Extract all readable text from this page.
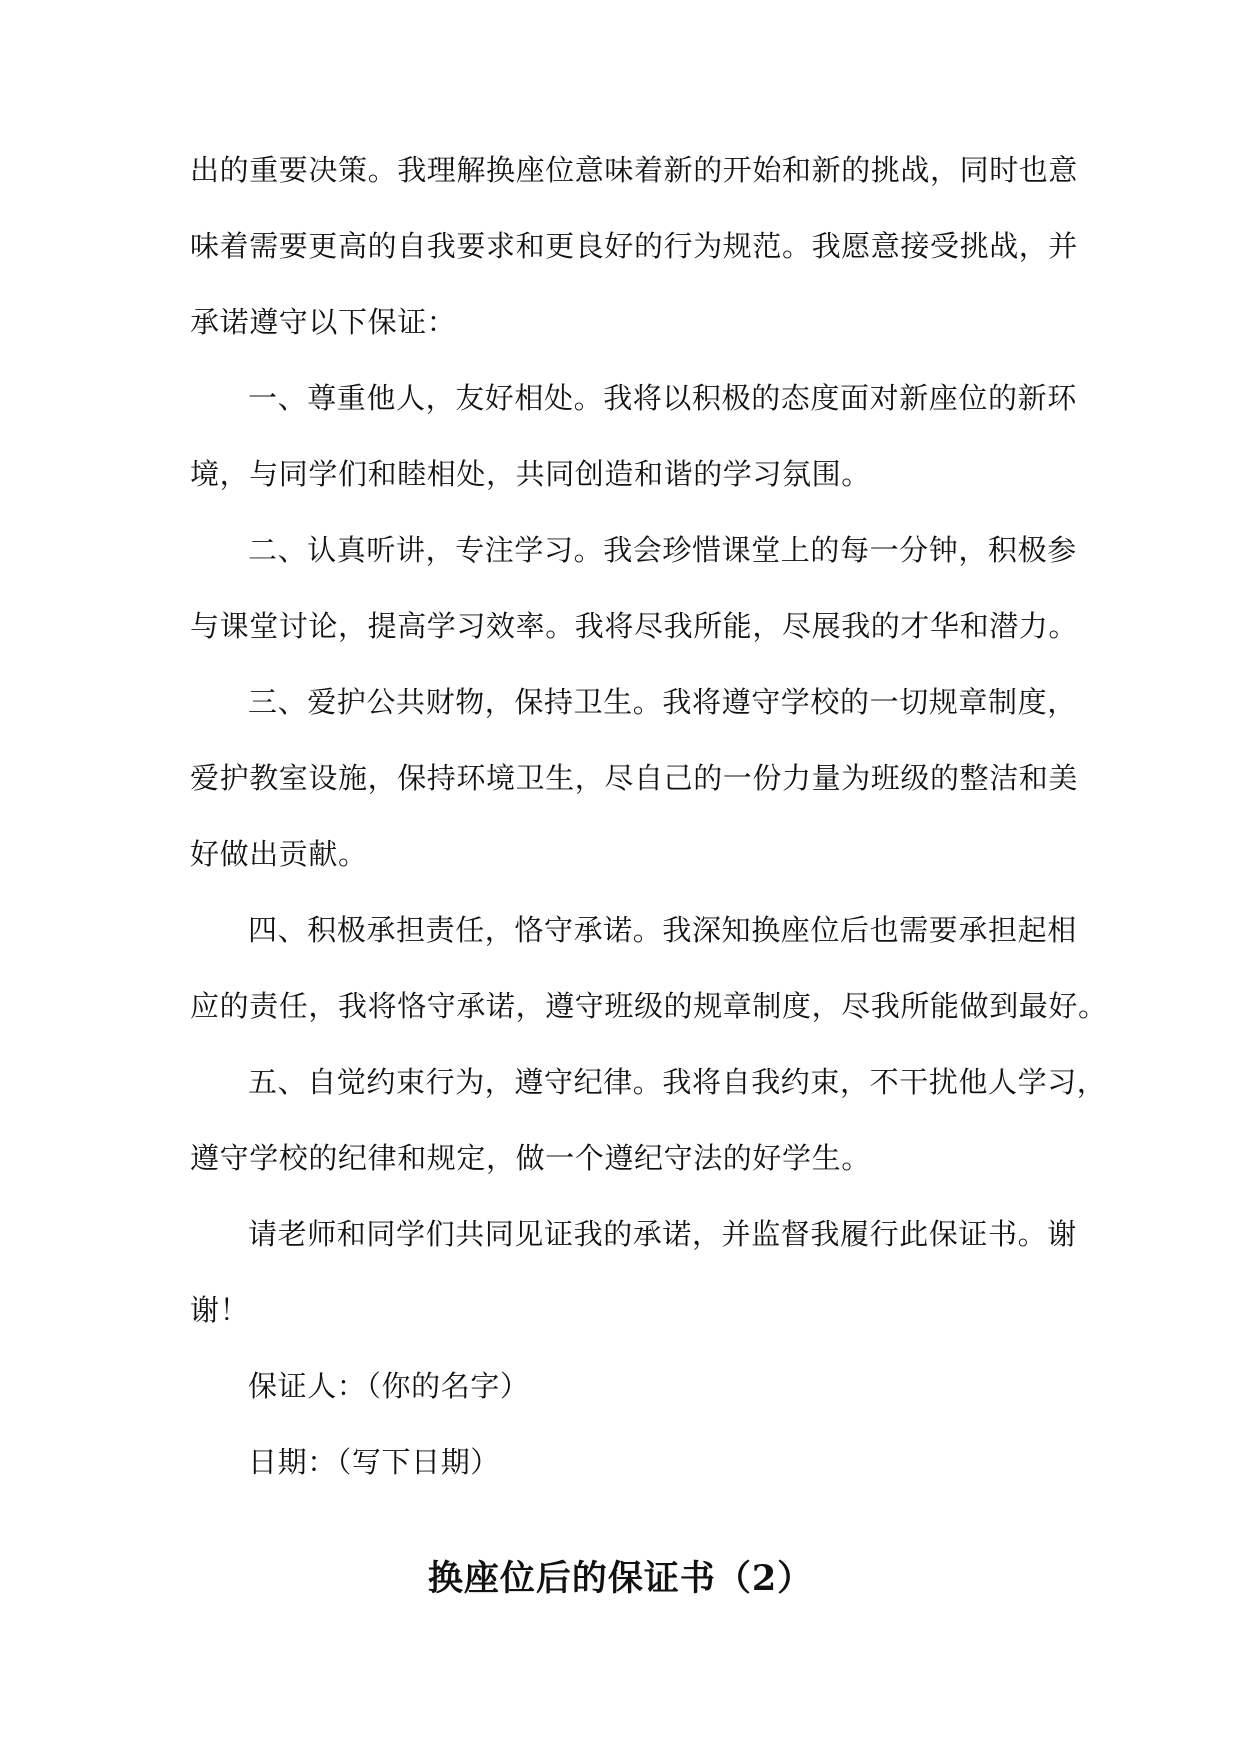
出的重要决策。我理解换座位意味着新的开始和新的挑战，同时也意
味着需要更高的自我要求和更良好的行为规范。我愿意接受挑战，并
承诺遵守以下保证：
一、尊重他人，友好相处。我将以积极的态度面对新座位的新环
境，与同学们和睦相处，共同创造和谐的学习氛围。
二、认真听讲，专注学习。我会珍惜课堂上的每一分钟，积极参
与课堂讨论，提高学习效率。我将尽我所能，尽展我的才华和潜力。
三、爱护公共财物，保持卫生。我将遵守学校的一切规章制度，
爱护教室设施，保持环境卫生，尽自己的一份力量为班级的整洁和美
好做出贡献。
四、积极承担责任，恪守承诺。我深知换座位后也需要承担起相
应的责任，我将恪守承诺，遵守班级的规章制度，尽我所能做到最好。
五、自觉约束行为，遵守纪律。我将自我约束，不干扰他人学习，
遵守学校的纪律和规定，做一个遵纪守法的好学生。
请老师和同学们共同见证我的承诺，并监督我履行此保证书。谢
谢！
保证人：（你的名字）
日期：（写下日期）
换座位后的保证书（2）
